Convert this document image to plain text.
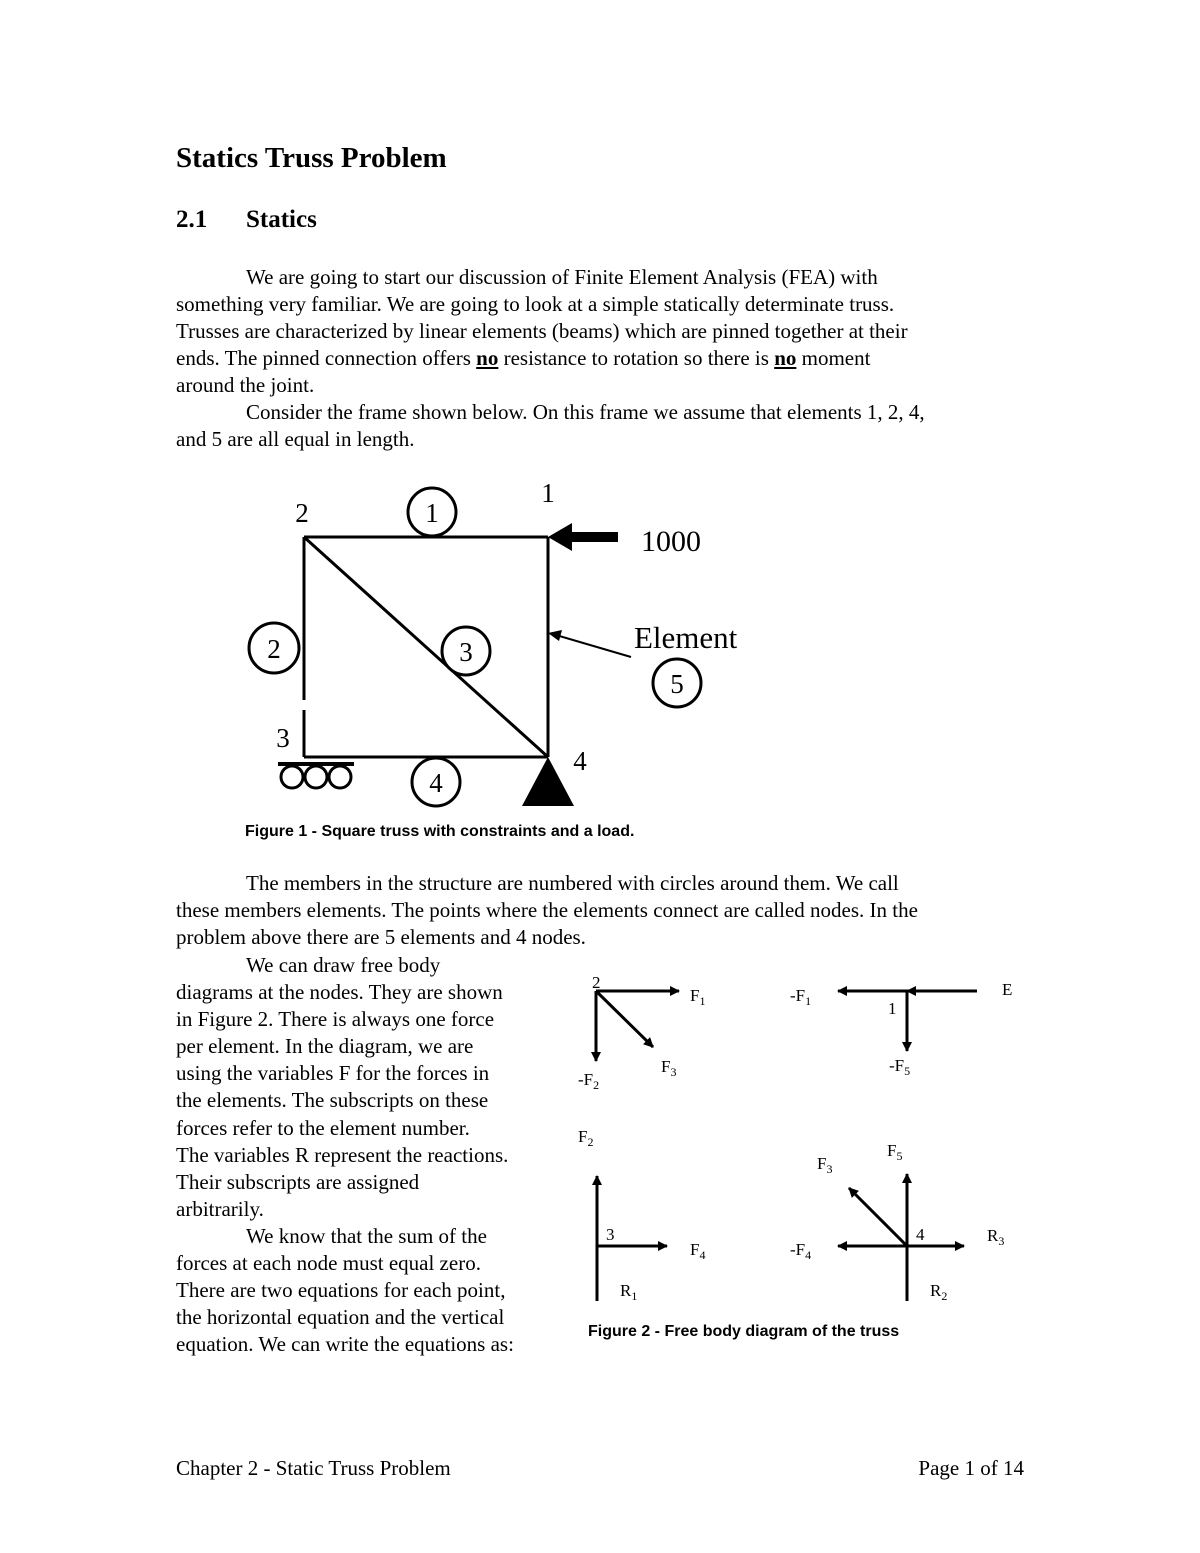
Statics Truss Problem
2.1 Statics
We are going to start our discussion of Finite Element Analysis (FEA) with
something very familiar. We are going to look at a simple statically determinate truss.
Trusses are characterized by linear elements (beams) which are pinned together at their
ends. The pinned connection offers no resistance to rotation so there is no moment
around the joint.
Consider the frame shown below. On this frame we assume that elements 1, 2, 4,
and 5 are all equal in length.
1
2	3
4
5
1
2
3
4
1000
Element
Figure 1 - Square truss with constraints and a load.
The members in the structure are numbered with circles around them. We call
these members elements. The points where the elements connect are called nodes. In the
problem above there are 5 elements and 4 nodes.
We can draw free body
diagrams at the nodes. They are shown
in Figure 2. There is always one force
per element. In the diagram, we are
using the variables F for the forces in
the elements. The subscripts on these
forces refer to the element number.
The variables R represent the reactions.
Their subscripts are assigned
arbitrarily.
We know that the sum of the
forces at each node must equal zero.
There are two equations for each point,
the horizontal equation and the vertical
equation. We can write the equations as:
2
$F_1$
$F_3$
$-F_2$
1
E
$-F_1$
$-F_5$
$F_2$
3
$F_4$
$R_1$
$F_5$
$F_3$
4
$-F_4$
$R_3$
$R_2$
Figure 2 - Free body diagram of the truss
Chapter 2 - Static Truss Problem	Page 1 of 14
